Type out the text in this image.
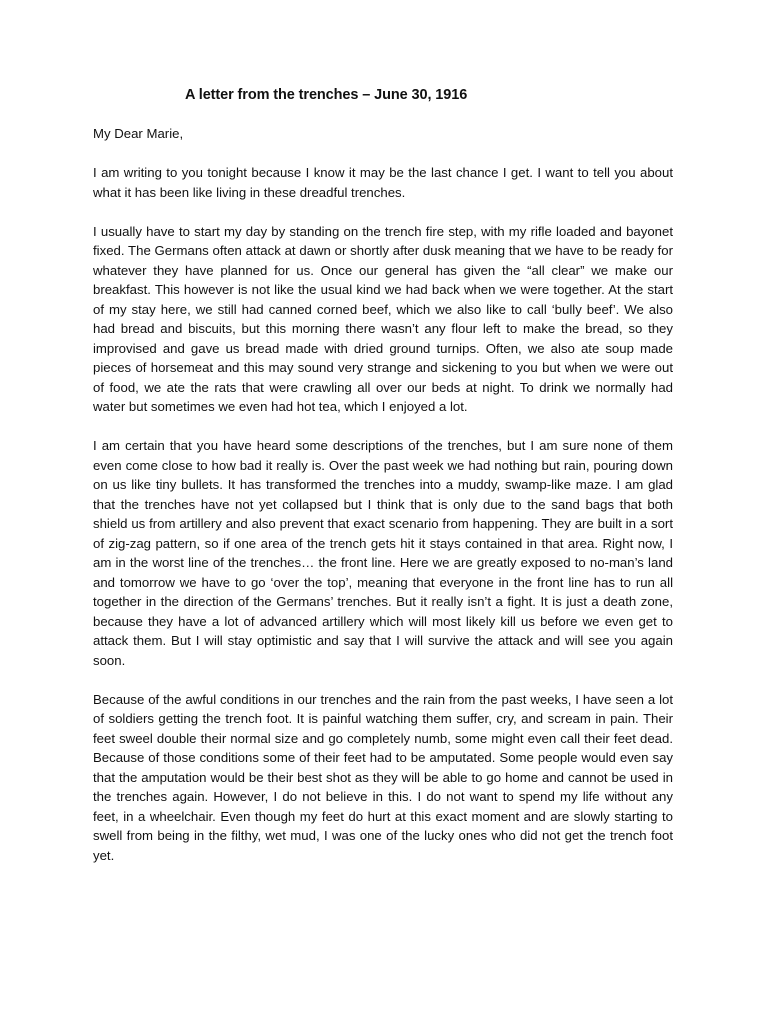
A letter from the trenches – June 30, 1916

My Dear Marie,

I am writing to you tonight because I know it may be the last chance I get. I want to tell you about what it has been like living in these dreadful trenches.

I usually have to start my day by standing on the trench fire step, with my rifle loaded and bayonet fixed. The Germans often attack at dawn or shortly after dusk meaning that we have to be ready for whatever they have planned for us. Once our general has given the “all clear” we make our breakfast. This however is not like the usual kind we had back when we were together. At the start of my stay here, we still had canned corned beef, which we also like to call ‘bully beef’. We also had bread and biscuits, but this morning there wasn’t any flour left to make the bread, so they improvised and gave us bread made with dried ground turnips. Often, we also ate soup made pieces of horsemeat and this may sound very strange and sickening to you but when we were out of food, we ate the rats that were crawling all over our beds at night. To drink we normally had water but sometimes we even had hot tea, which I enjoyed a lot.

I am certain that you have heard some descriptions of the trenches, but I am sure none of them even come close to how bad it really is. Over the past week we had nothing but rain, pouring down on us like tiny bullets. It has transformed the trenches into a muddy, swamp-like maze. I am glad that the trenches have not yet collapsed but I think that is only due to the sand bags that both shield us from artillery and also prevent that exact scenario from happening. They are built in a sort of zig-zag pattern, so if one area of the trench gets hit it stays contained in that area. Right now, I am in the worst line of the trenches… the front line. Here we are greatly exposed to no-man’s land and tomorrow we have to go ‘over the top’, meaning that everyone in the front line has to run all together in the direction of the Germans’ trenches. But it really isn’t a fight. It is just a death zone, because they have a lot of advanced artillery which will most likely kill us before we even get to attack them. But I will stay optimistic and say that I will survive the attack and will see you again soon.

Because of the awful conditions in our trenches and the rain from the past weeks, I have seen a lot of soldiers getting the trench foot. It is painful watching them suffer, cry, and scream in pain. Their feet sweel double their normal size and go completely numb, some might even call their feet dead. Because of those conditions some of their feet had to be amputated. Some people would even say that the amputation would be their best shot as they will be able to go home and cannot be used in the trenches again. However, I do not believe in this. I do not want to spend my life without any feet, in a wheelchair. Even though my feet do hurt at this exact moment and are slowly starting to swell from being in the filthy, wet mud, I was one of the lucky ones who did not get the trench foot yet.
